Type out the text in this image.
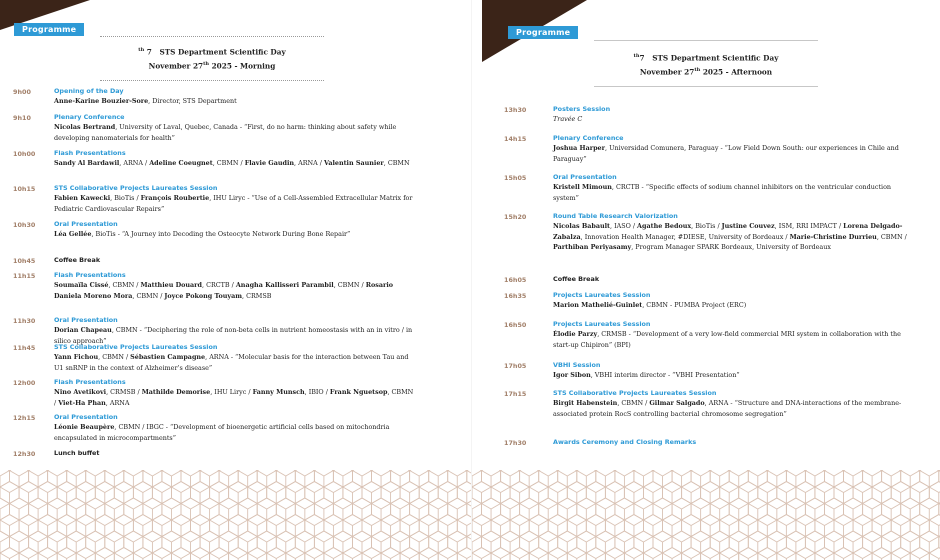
Programme
$^{th}$ 7 STS Department Scientific Day
November 27th 2025 - Morning
9h00	Opening of the Day
Anne-Karine Bouzier-Sore, Director, STS Department
9h10	Plenary Conference
Nicolas Bertrand, University of Laval, Quebec, Canada - “First, do no harm: thinking about safety while developing nanomaterials for health”
10h00	Flash Presentations
Sandy Al Bardawil, ARNA / Adeline Coeugnet, CBMN / Flavie Gaudin, ARNA / Valentin Saunier, CBMN
10h15	STS Collaborative Projects Laureates Session
Fabien Kawecki, BioTis / François Roubertie, IHU Liryc - “Use of a Cell-Assembled Extracellular Matrix for Pediatric Cardiovascular Repairs”
10h30	Oral Presentation
Léa Gellée, BioTis - “A Journey into Decoding the Osteocyte Network During Bone Repair”
10h45	Coffee Break
11h15	Flash Presentations
Soumaïla Cissé, CBMN / Matthieu Douard, CRCTB / Anagha Kallisseri Parambil, CBMN / Rosario Daniela Moreno Mora, CBMN / Joyce Pokong Touyam, CRMSB
11h30	Oral Presentation
Dorian Chapeau, CBMN - “Deciphering the role of non-beta cells in nutrient homeostasis with an in vitro / in silico approach”
11h45	STS Collaborative Projects Laureates Session
Yann Fichou, CBMN / Sébastien Campagne, ARNA - “Molecular basis for the interaction between Tau and U1 snRNP in the context of Alzheimer’s disease”
12h00	Flash Presentations
Nino Avetikovi, CRMSB / Mathilde Demorise, IHU Liryc / Fanny Munsch, IBIO / Frank Nguetsop, CBMN / Viet-Ha Phan, ARNA
12h15	Oral Presentation
Léonie Beaupère, CBMN / IBGC - “Development of bioenergetic artificial cells based on mitochondria encapsulated in microcompartments”
12h30	Lunch buffet
Programme
$^{th}$7 STS Department Scientific Day
November 27th 2025 - Afternoon
13h30	Posters Session
Travée C
14h15	Plenary Conference
Joshua Harper, Universidad Comunera, Paraguay - “Low Field Down South: our experiences in Chile and Paraguay”
15h05	Oral Presentation
Kristell Mimoun, CRCTB - “Specific effects of sodium channel inhibitors on the ventricular conduction system”
15h20	Round Table Research Valorization
Nicolas Babault, IASO / Agathe Bedoux, BioTis / Justine Couvez, ISM, RRI IMPACT / Lorena Delgado-Zabalza, Innovation Health Manager, #DIESE, University of Bordeaux / Marie-Christine Durrieu, CBMN / Parthiban Periyasamy, Program Manager SPARK Bordeaux, University of Bordeaux
16h05	Coffee Break
16h35	Projects Laureates Session
Marion Mathelié-Guinlet, CBMN - PUMBA Project (ERC)
16h50	Projects Laureates Session
Élodie Parzy, CRMSB - “Development of a very low-field commercial MRI system in collaboration with the start-up Chipiron” (BPI)
17h05	VBHI Session
Igor Sibon, VBHI interim director - “VBHI Presentation”
17h15	STS Collaborative Projects Laureates Session
Birgit Habenstein, CBMN / Gilmar Salgado, ARNA - “Structure and DNA-interactions of the membrane-associated protein RocS controlling bacterial chromosome segregation”
17h30	Awards Ceremony and Closing Remarks
